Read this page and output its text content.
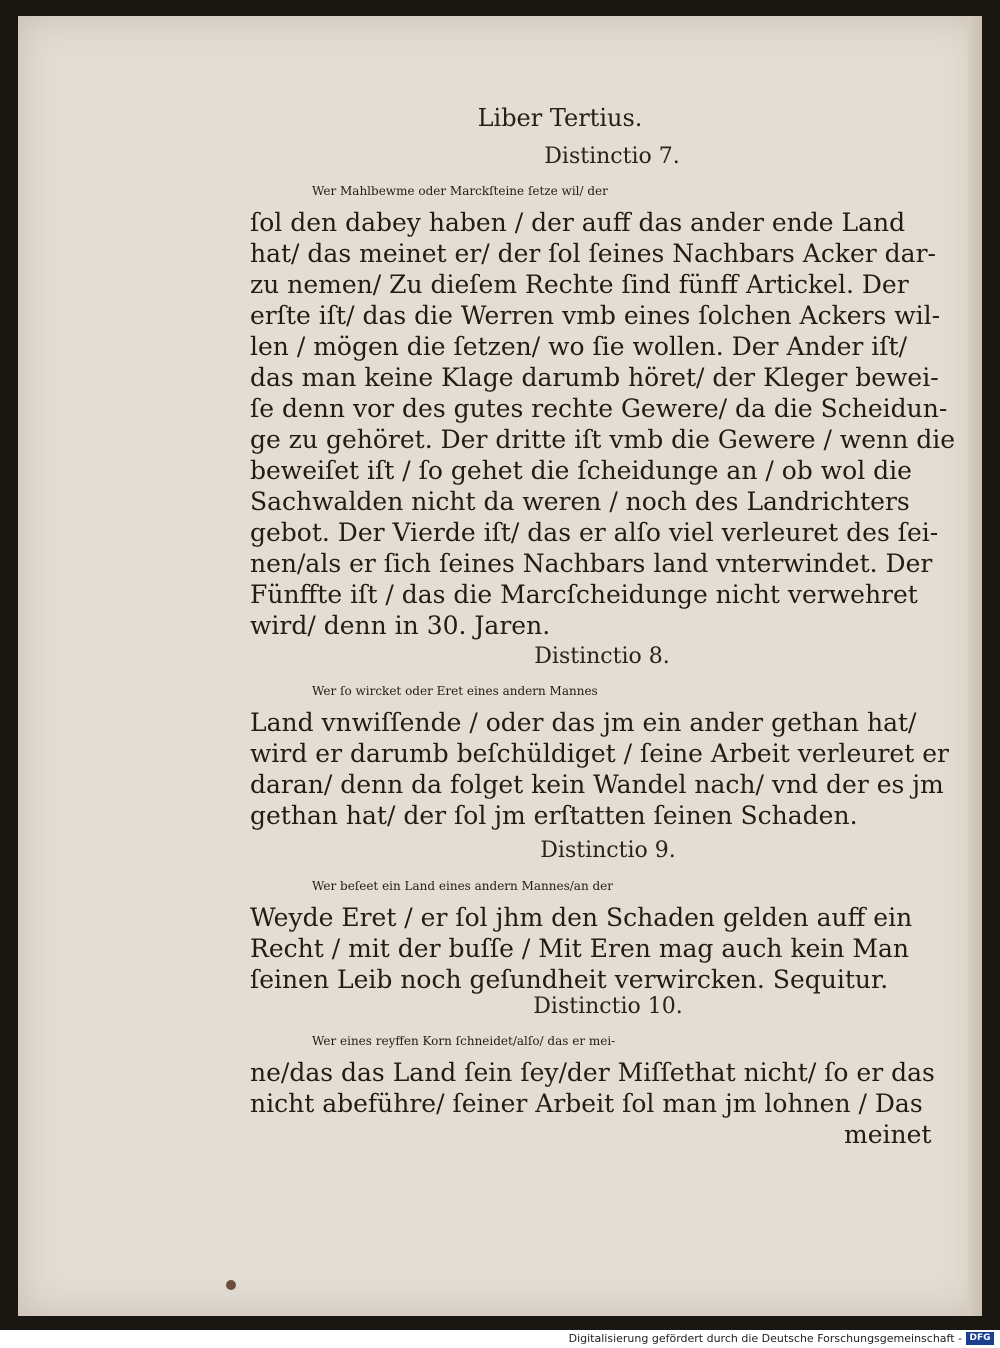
Liber Tertius.
Distinctio 7.
Wer Mahlbewme oder Marckſteine ſetze wil/ der
ſol den dabey haben / der auff das ander ende Land
hat/ das meinet er/ der ſol ſeines Nachbars Acker dar-
zu nemen/ Zu dieſem Rechte ſind fünff Artickel. Der
erſte iſt/ das die Werren vmb eines ſolchen Ackers wil-
len / mögen die ſetzen/ wo ſie wollen. Der Ander iſt/
das man keine Klage darumb höret/ der Kleger bewei-
ſe denn vor des gutes rechte Gewere/ da die Scheidun-
ge zu gehöret. Der dritte iſt vmb die Gewere / wenn die
beweiſet iſt / ſo gehet die ſcheidunge an / ob wol die
Sachwalden nicht da weren / noch des Landrichters
gebot. Der Vierde iſt/ das er alſo viel verleuret des ſei-
nen/als er ſich ſeines Nachbars land vnterwindet. Der
Fünffte iſt / das die Marcſcheidunge nicht verwehret
wird/ denn in 30. Jaren.
Distinctio 8.
Wer ſo wircket oder Eret eines andern Mannes
Land vnwiſſende / oder das jm ein ander gethan hat/
wird er darumb beſchüldiget / ſeine Arbeit verleuret er
daran/ denn da folget kein Wandel nach/ vnd der es jm
gethan hat/ der ſol jm erſtatten ſeinen Schaden.
Distinctio 9.
Wer beſeet ein Land eines andern Mannes/an der
Weyde Eret / er ſol jhm den Schaden gelden auff ein
Recht / mit der buſſe / Mit Eren mag auch kein Man
ſeinen Leib noch geſundheit verwircken. Sequitur.
Distinctio 10.
Wer eines reyffen Korn ſchneidet/alſo/ das er mei-
ne/das das Land ſein ſey/der Miſſethat nicht/ ſo er das
nicht abeführe/ ſeiner Arbeit ſol man jm lohnen / Das
meinet
Digitalisierung gefördert durch die Deutsche Forschungsgemeinschaft - DFG
